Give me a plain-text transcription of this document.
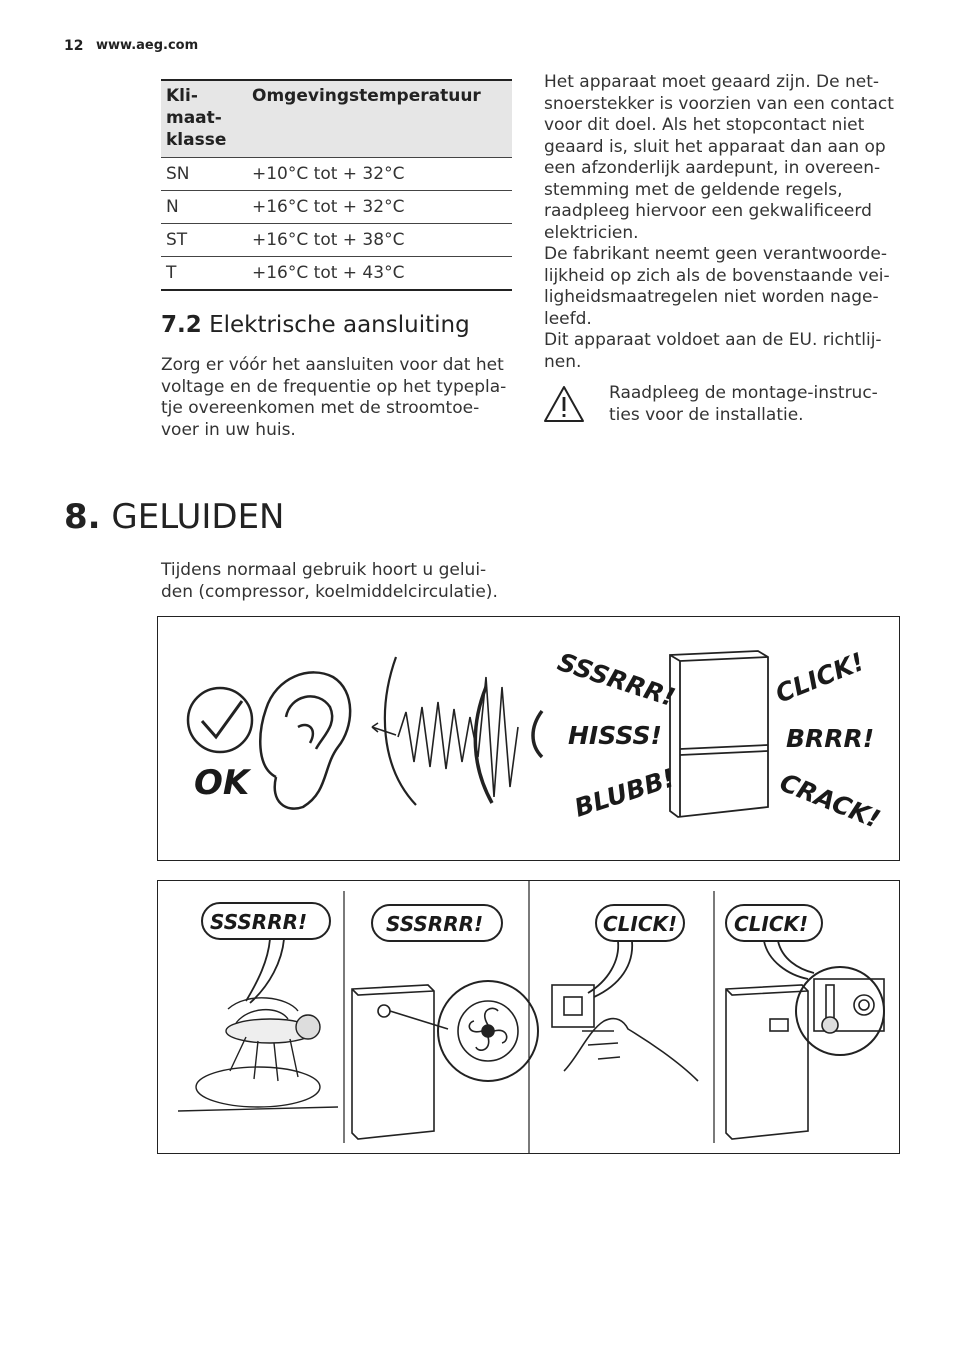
12 www.aeg.com
Kli-
maat-
klasse	Omgevingstemperatuur
SN	+10°C tot + 32°C
N	+16°C tot + 32°C
ST	+16°C tot + 38°C
T	+16°C tot + 43°C
7.2 Elektrische aansluiting

Zorg er vóór het aansluiten voor dat het voltage en de frequentie op het typepla-tje overeenkomen met de stroomtoe-voer in uw huis.

Het apparaat moet geaard zijn. De net-
snoerstekker is voorzien van een contact
voor dit doel. Als het stopcontact niet
geaard is, sluit het apparaat dan aan op
een afzonderlijk aardepunt, in overeen-
stemming met de geldende regels,
raadpleeg hiervoor een gekwalificeerd
elektricien.
De fabrikant neemt geen verantwoorde-
lijkheid op zich als de bovenstaande vei-
ligheidsmaatregelen niet worden nage-
leefd.
Dit apparaat voldoet aan de EU. richtlij-
nen.

Raadpleeg de montage-instruc-
ties voor de installatie.
8. GELUIDEN
Tijdens normaal gebruik hoort u gelui-
den (compressor, koelmiddelcirculatie).
OK
SSSRRR!
HISSS!
BLUBB!
CLICK!
BRRR!
CRACK!
SSSRRR!	SSSRRR!	CLICK!	CLICK!
